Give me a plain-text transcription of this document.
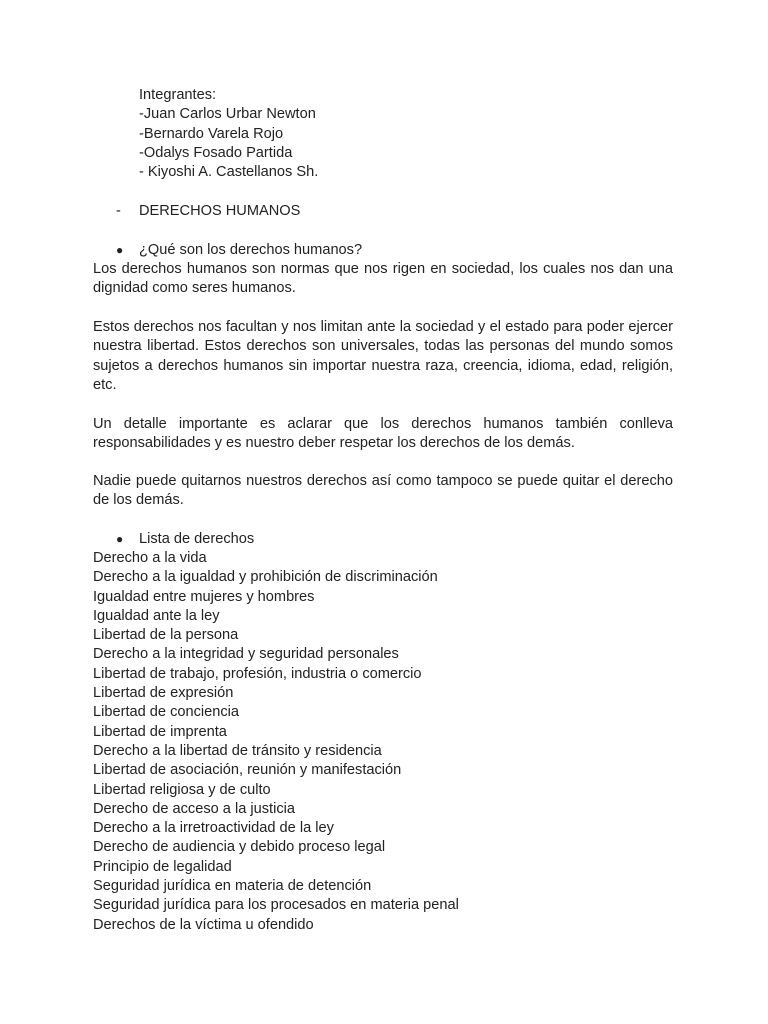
Integrantes:
-Juan Carlos Urbar Newton
-Bernardo Varela Rojo
-Odalys Fosado Partida
- Kiyoshi A. Castellanos Sh.
- DERECHOS HUMANOS
● ¿Qué son los derechos humanos?

Los derechos humanos son normas que nos rigen en sociedad, los cuales nos dan una dignidad como seres humanos.

Estos derechos nos facultan y nos limitan ante la sociedad y el estado para poder ejercer nuestra libertad. Estos derechos son universales, todas las personas del mundo somos sujetos a derechos humanos sin importar nuestra raza, creencia, idioma, edad, religión, etc.

Un detalle importante es aclarar que los derechos humanos también conlleva responsabilidades y es nuestro deber respetar los derechos de los demás.

Nadie puede quitarnos nuestros derechos así como tampoco se puede quitar el derecho de los demás.

● Lista de derechos
Derecho a la vida
Derecho a la igualdad y prohibición de discriminación
Igualdad entre mujeres y hombres
Igualdad ante la ley
Libertad de la persona
Derecho a la integridad y seguridad personales
Libertad de trabajo, profesión, industria o comercio
Libertad de expresión
Libertad de conciencia
Libertad de imprenta
Derecho a la libertad de tránsito y residencia
Libertad de asociación, reunión y manifestación
Libertad religiosa y de culto
Derecho de acceso a la justicia
Derecho a la irretroactividad de la ley
Derecho de audiencia y debido proceso legal
Principio de legalidad
Seguridad jurídica en materia de detención
Seguridad jurídica para los procesados en materia penal
Derechos de la víctima u ofendido
